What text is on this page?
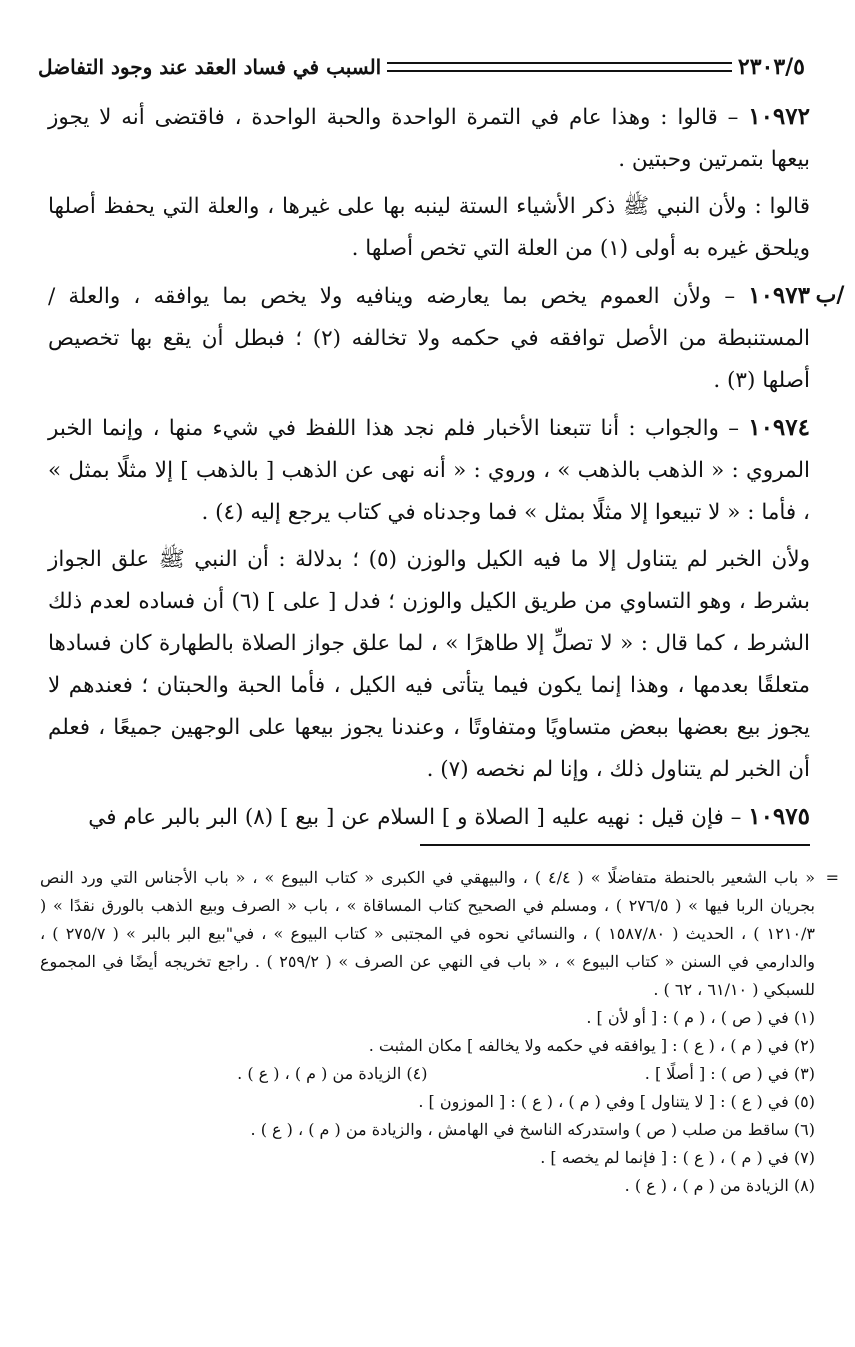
السبب في فساد العقد عند وجود التفاضل	٢٣٠٣/٥
/ب

١٠٩٧٢ – قالوا : وهذا عام في التمرة الواحدة والحبة الواحدة ، فاقتضى أنه لا يجوز بيعها بتمرتين وحبتين .

قالوا : ولأن النبي ﷺ ذكر الأشياء الستة لينبه بها على غيرها ، والعلة التي يحفظ أصلها ويلحق غيره به أولى (١) من العلة التي تخص أصلها .

١٠٩٧٣ – ولأن العموم يخص بما يعارضه وينافيه ولا يخص بما يوافقه ، والعلة / المستنبطة من الأصل توافقه في حكمه ولا تخالفه (٢) ؛ فبطل أن يقع بها تخصيص أصلها (٣) .

١٠٩٧٤ – والجواب : أنا تتبعنا الأخبار فلم نجد هذا اللفظ في شيء منها ، وإنما الخبر المروي : « الذهب بالذهب » ، وروي : « أنه نهى عن الذهب [ بالذهب ] إلا مثلًا بمثل » ، فأما : « لا تبيعوا إلا مثلًا بمثل » فما وجدناه في كتاب يرجع إليه (٤) .

ولأن الخبر لم يتناول إلا ما فيه الكيل والوزن (٥) ؛ بدلالة : أن النبي ﷺ علق الجواز بشرط ، وهو التساوي من طريق الكيل والوزن ؛ فدل [ على ] (٦) أن فساده لعدم ذلك الشرط ، كما قال : « لا تصلِّ إلا طاهرًا » ، لما علق جواز الصلاة بالطهارة كان فسادها متعلقًا بعدمها ، وهذا إنما يكون فيما يتأتى فيه الكيل ، فأما الحبة والحبتان ؛ فعندهم لا يجوز بيع بعضها ببعض متساويًا ومتفاوتًا ، وعندنا يجوز بيعها على الوجهين جميعًا ، فعلم أن الخبر لم يتناول ذلك ، وإنا لم نخصه (٧) .

١٠٩٧٥ – فإن قيل : نهيه عليه [ الصلاة و ] السلام عن [ بيع ] (٨) البر بالبر عام في

=
« باب الشعير بالحنطة متفاضلًا » ( ٤/٤ ) ، والبيهقي في الكبرى « كتاب البيوع » ، « باب الأجناس التي ورد النص بجريان الربا فيها » ( ٢٧٦/٥ ) ، ومسلم في الصحيح كتاب المساقاة » ، باب « الصرف وبيع الذهب بالورق نقدًا » ( ١٢١٠/٣ ) ، الحديث ( ١٥٨٧/٨٠ ) ، والنسائي نحوه في المجتبى « كتاب البيوع » ، في"بيع البر بالبر » ( ٢٧٥/٧ ) ، والدارمي في السنن « كتاب البيوع » ، « باب في النهي عن الصرف » ( ٢٥٩/٢ ) . راجع تخريجه أيضًا في المجموع للسبكي ( ٦١/١٠ ، ٦٢ ) .

(١) في ( ص ) ، ( م ) : [ أو لأن ] .

(٢) في ( م ) ، ( ع ) : [ يوافقه في حكمه ولا يخالفه ] مكان المثبت .

(٣) في ( ص ) : [ أصلًا ] .
(٤) الزيادة من ( م ) ، ( ع ) .

(٥) في ( ع ) : [ لا يتناول ] وفي ( م ) ، ( ع ) : [ الموزون ] .

(٦) ساقط من صلب ( ص ) واستدركه الناسخ في الهامش ، والزيادة من ( م ) ، ( ع ) .

(٧) في ( م ) ، ( ع ) : [ فإنما لم يخصه ] .

(٨) الزيادة من ( م ) ، ( ع ) .
